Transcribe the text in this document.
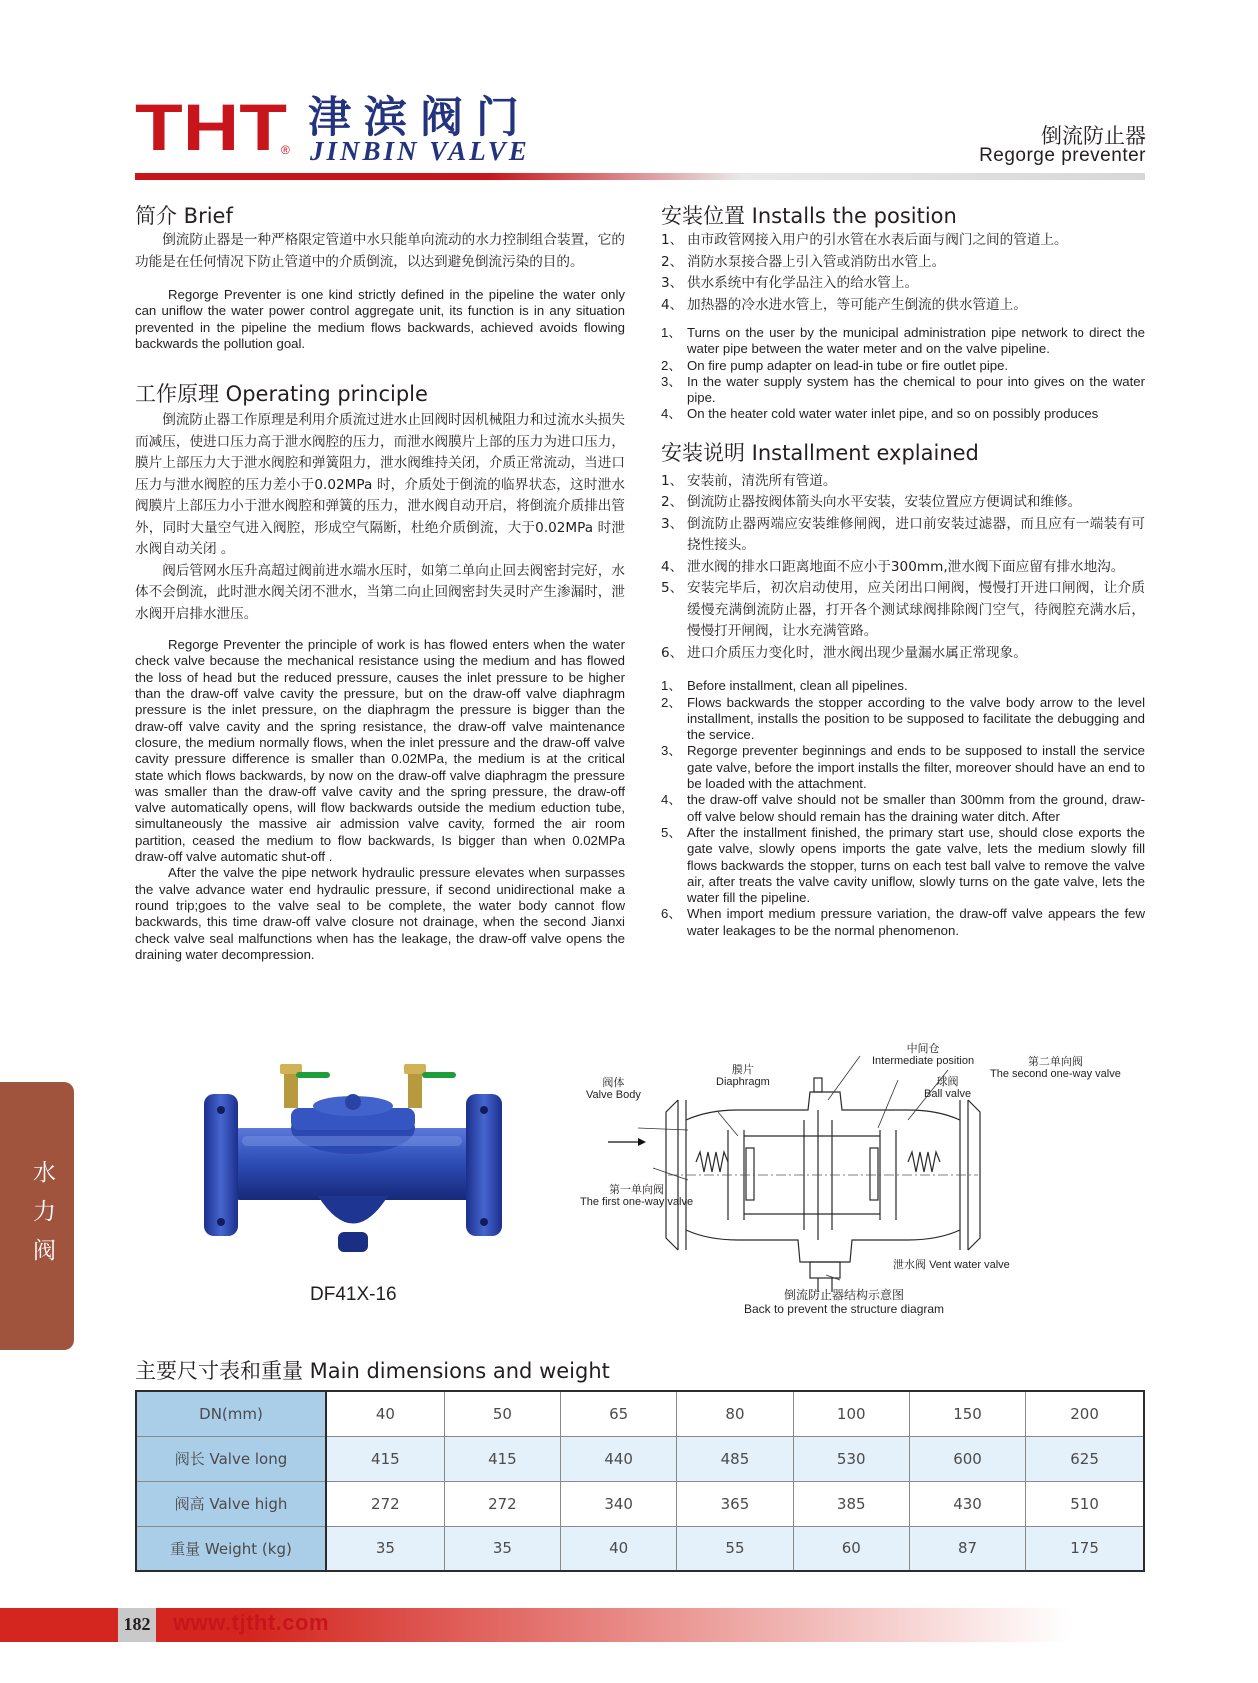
THT
®
津滨阀门
JINBIN VALVE	倒流防止器
Regorge preventer
简介 Brief

倒流防止器是一种严格限定管道中水只能单向流动的水力控制组合装置，它的功能是在任何情况下防止管道中的介质倒流，以达到避免倒流污染的目的。

Regorge Preventer is one kind strictly defined in the pipeline the water only can uniflow the water power control aggregate unit, its function is in any situation prevented in the pipeline the medium flows backwards, achieved avoids flowing backwards the pollution goal.

工作原理 Operating principle

倒流防止器工作原理是利用介质流过进水止回阀时因机械阻力和过流水头损失而减压，使进口压力高于泄水阀腔的压力，而泄水阀膜片上部的压力为进口压力，膜片上部压力大于泄水阀腔和弹簧阻力，泄水阀维持关闭，介质正常流动，当进口压力与泄水阀腔的压力差小于0.02MPa 时，介质处于倒流的临界状态，这时泄水阀膜片上部压力小于泄水阀腔和弹簧的压力，泄水阀自动开启，将倒流介质排出管外，同时大量空气进入阀腔，形成空气隔断，杜绝介质倒流，大于0.02MPa 时泄水阀自动关闭 。

阀后管网水压升高超过阀前进水端水压时，如第二单向止回去阀密封完好，水体不会倒流，此时泄水阀关闭不泄水，当第二向止回阀密封失灵时产生渗漏时，泄水阀开启排水泄压。

Regorge Preventer the principle of work is has flowed enters when the water check valve because the mechanical resistance using the medium and has flowed the loss of head but the reduced pressure, causes the inlet pressure to be higher than the draw-off valve cavity the pressure, but on the draw-off valve diaphragm pressure is the inlet pressure, on the diaphragm the pressure is bigger than the draw-off valve cavity and the spring resistance, the draw-off valve maintenance closure, the medium normally flows, when the inlet pressure and the draw-off valve cavity pressure difference is smaller than 0.02MPa, the medium is at the critical state which flows backwards, by now on the draw-off valve diaphragm the pressure was smaller than the draw-off valve cavity and the spring pressure, the draw-off valve automatically opens, will flow backwards outside the medium eduction tube, simultaneously the massive air admission valve cavity, formed the air room partition, ceased the medium to flow backwards, Is bigger than when 0.02MPa draw-off valve automatic shut-off .

After the valve the pipe network hydraulic pressure elevates when surpasses the valve advance water end hydraulic pressure, if second unidirectional make a round trip;goes to the valve seal to be complete, the water body cannot flow backwards, this time draw-off valve closure not drainage, when the second Jianxi check valve seal malfunctions when has the leakage, the draw-off valve opens the draining water decompression.

安装位置 Installs the position
1、 由市政管网接入用户的引水管在水表后面与阀门之间的管道上。
2、 消防水泵接合器上引入管或消防出水管上。
3、 供水系统中有化学品注入的给水管上。
4、 加热器的冷水进水管上，等可能产生倒流的供水管道上。
1、 Turns on the user by the municipal administration pipe network to direct the water pipe between the water meter and on the valve pipeline.
2、 On fire pump adapter on lead-in tube or fire outlet pipe.
3、 In the water supply system has the chemical to pour into gives on the water pipe.
4、 On the heater cold water water inlet pipe, and so on possibly produces
安装说明 Installment explained
1、 安装前，清洗所有管道。
2、 倒流防止器按阀体箭头向水平安装，安装位置应方便调试和维修。
3、 倒流防止器两端应安装维修闸阀，进口前安装过滤器，而且应有一端装有可挠性接头。
4、 泄水阀的排水口距离地面不应小于300mm,泄水阀下面应留有排水地沟。
5、 安装完毕后，初次启动使用，应关闭出口闸阀，慢慢打开进口闸阀，让介质缓慢充满倒流防止器，打开各个测试球阀排除阀门空气，待阀腔充满水后，慢慢打开闸阀，让水充满管路。
6、 进口介质压力变化时，泄水阀出现少量漏水属正常现象。
1、 Before installment, clean all pipelines.
2、 Flows backwards the stopper according to the valve body arrow to the level installment, installs the position to be supposed to facilitate the debugging and the service.
3、 Regorge preventer beginnings and ends to be supposed to install the service gate valve, before the import installs the filter, moreover should have an end to be loaded with the attachment.
4、 the draw-off valve should not be smaller than 300mm from the ground, draw-off valve below should remain has the draining water ditch. After
5、 After the installment finished, the primary start use, should close exports the gate valve, slowly opens imports the gate valve, lets the medium slowly fill flows backwards the stopper, turns on each test ball valve to remove the valve air, after treats the valve cavity uniflow, slowly turns on the gate valve, lets the water fill the pipeline.
6、 When import medium pressure variation, the draw-off valve appears the few water leakages to be the normal phenomenon.
水力阀
DF41X-16
阀体
Valve Body
膜片
Diaphragm
中间仓
Intermediate position
球阀
Ball valve
第二单向阀
The second one-way valve
第一单向阀
The first one-way valve
泄水阀 Vent water valve
倒流防止器结构示意图
Back to prevent the structure diagram
主要尺寸表和重量 Main dimensions and weight
DN(mm)	40	50	65	80	100	150	200
阀长 Valve long	415	415	440	485	530	600	625
阀高 Valve high	272	272	340	365	385	430	510
重量 Weight (kg)	35	35	40	55	60	87	175
182 www.tjtht.com
